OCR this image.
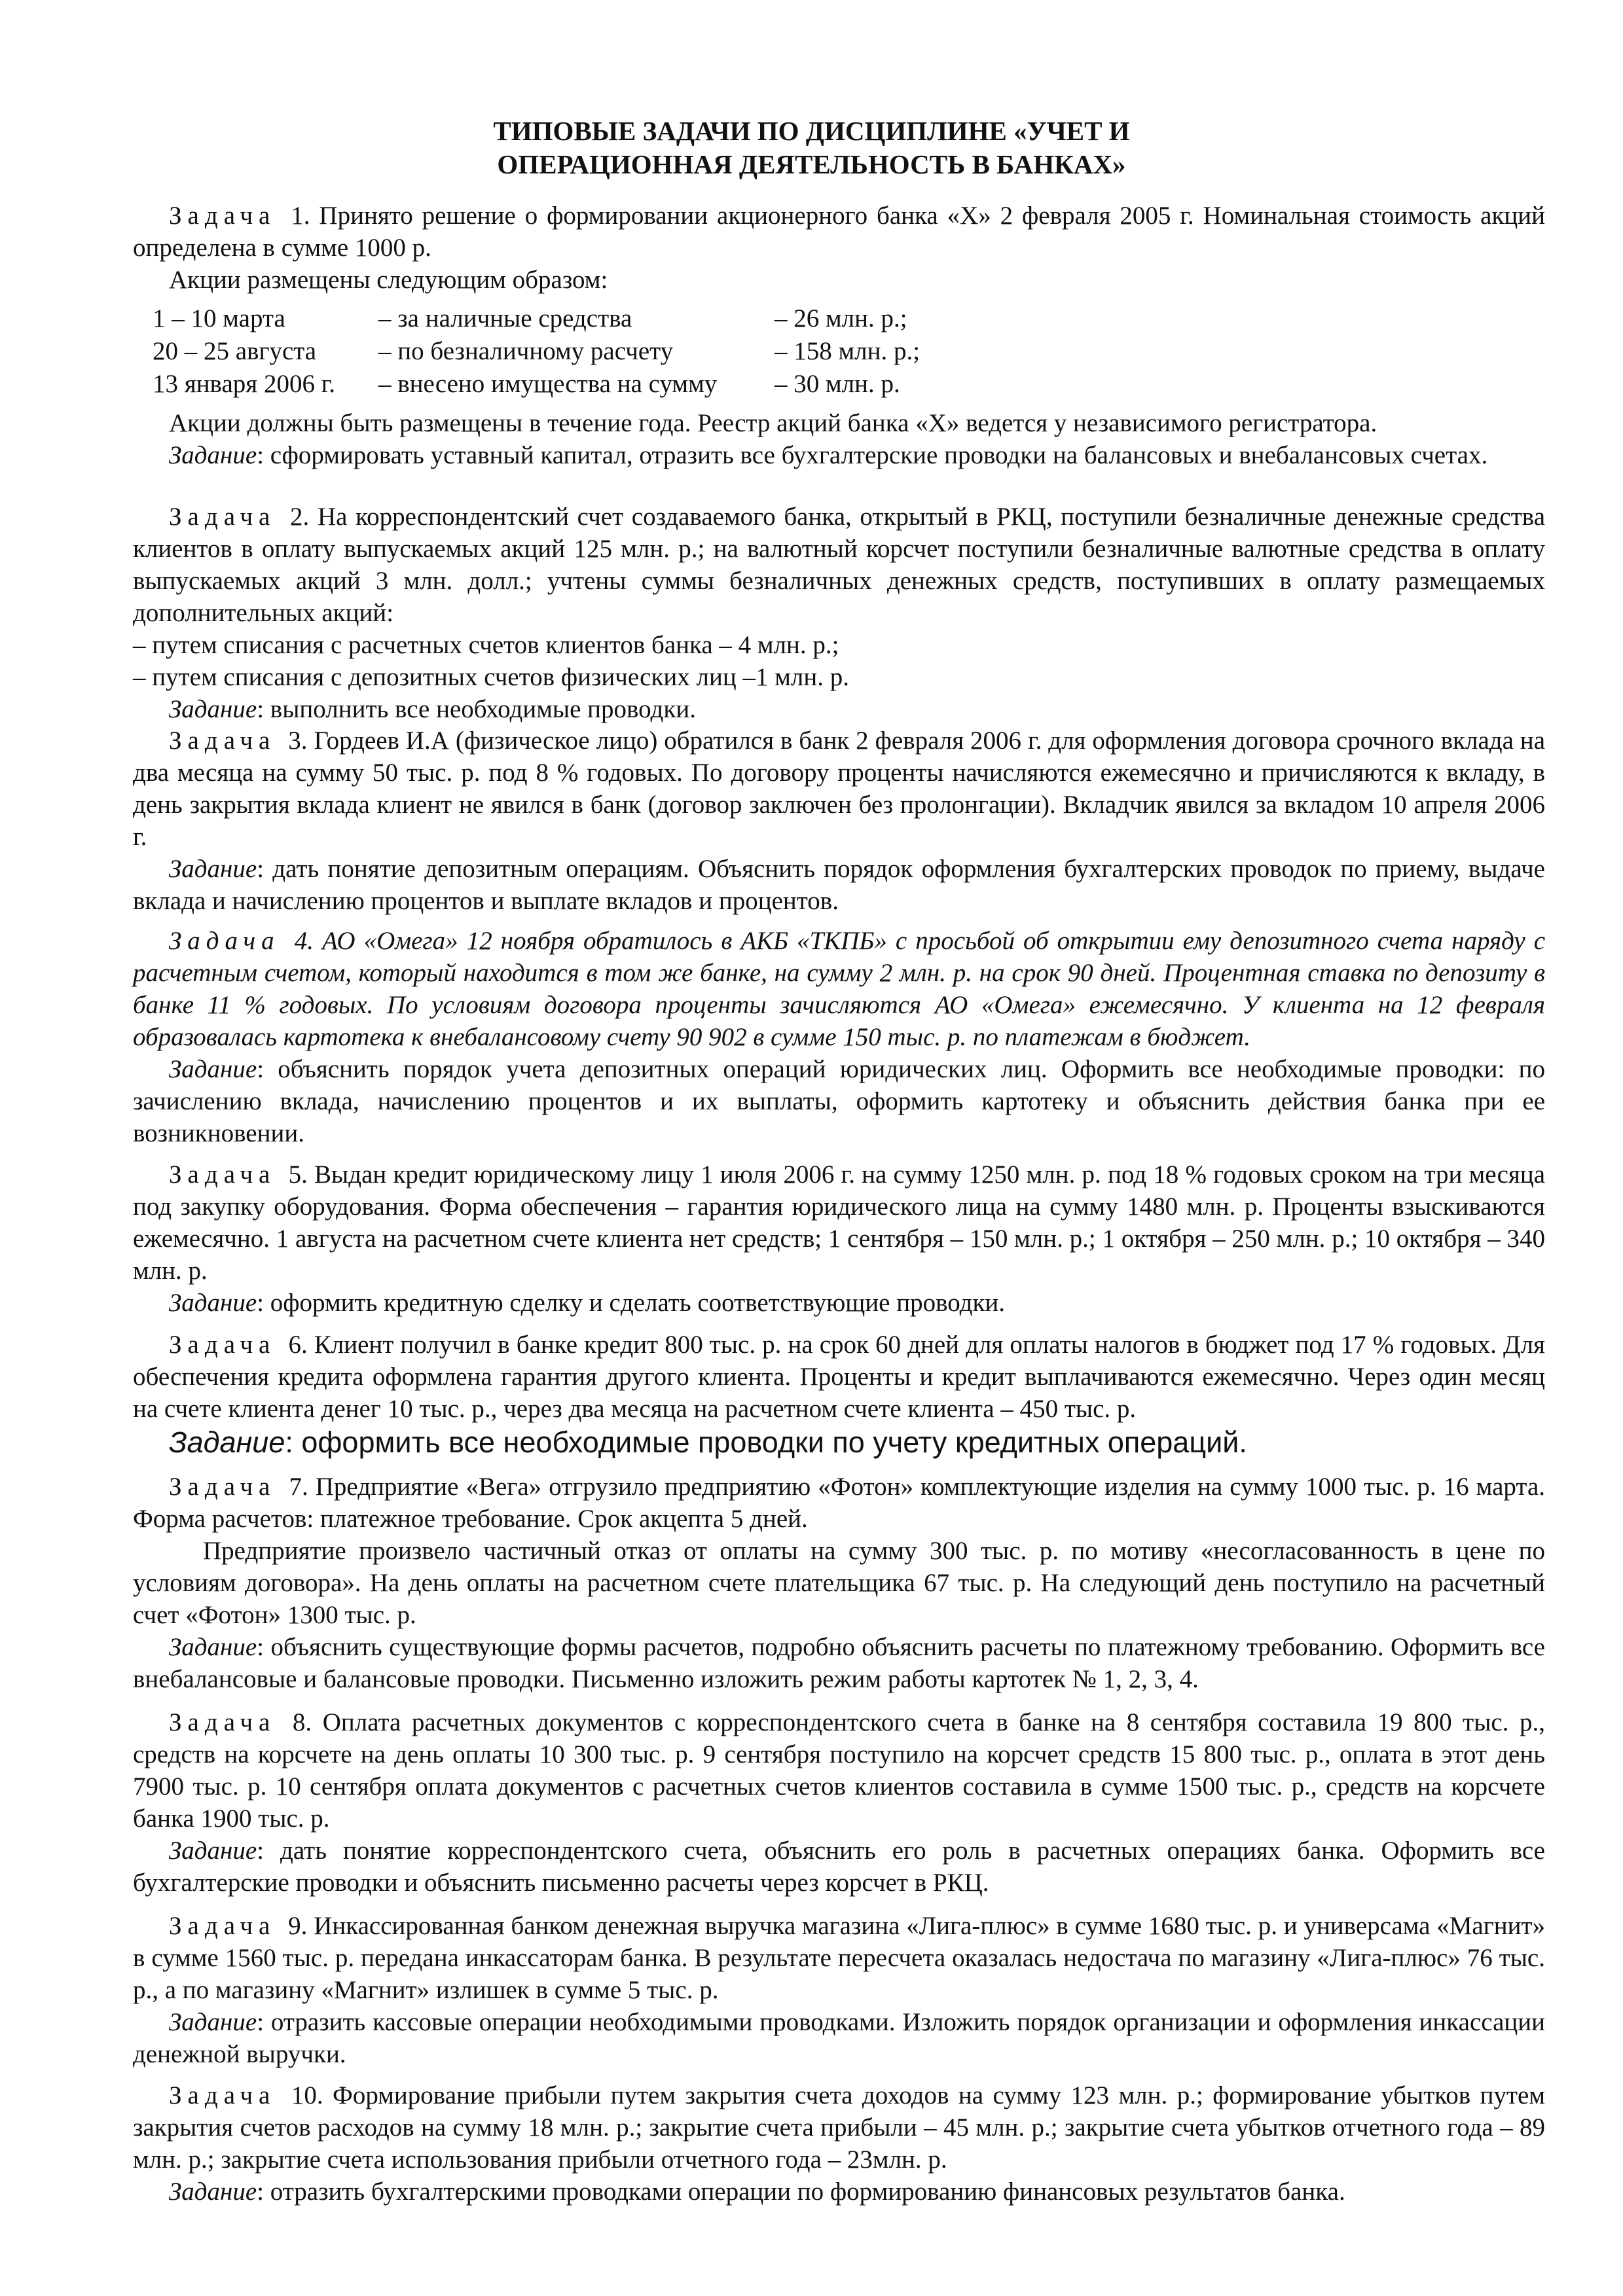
ТИПОВЫЕ ЗАДАЧИ ПО ДИСЦИПЛИНЕ «УЧЕТ И
ОПЕРАЦИОННАЯ ДЕЯТЕЛЬНОСТЬ В БАНКАХ»

Задача 1. Принято решение о формировании акционерного банка «Х» 2 февраля 2005 г. Номинальная стоимость акций определена в сумме 1000 р.

Акции размещены следующим образом:

1 – 10 марта	– за наличные средства	– 26 млн. р.;
20 – 25 августа	– по безналичному расчету	– 158 млн. р.;
13 января 2006 г.	– внесено имущества на сумму	– 30 млн. р.

Акции должны быть размещены в течение года. Реестр акций банка «Х» ведется у независимого регистратора.

Задание: сформировать уставный капитал, отразить все бухгалтерские проводки на балансовых и внебалансовых счетах.

Задача 2. На корреспондентский счет создаваемого банка, открытый в РКЦ, поступили безналичные денежные средства клиентов в оплату выпускаемых акций 125 млн. р.; на валютный корсчет поступили безналичные валютные средства в оплату выпускаемых акций 3 млн. долл.; учтены суммы безналичных денежных средств, поступивших в оплату размещаемых дополнительных акций:

– путем списания с расчетных счетов клиентов банка – 4 млн. р.;

– путем списания с депозитных счетов физических лиц –1 млн. р.

Задание: выполнить все необходимые проводки.

Задача 3. Гордеев И.А (физическое лицо) обратился в банк 2 февраля 2006 г. для оформления договора срочного вклада на два месяца на сумму 50 тыс. р. под 8 % годовых. По договору проценты начисляются ежемесячно и причисляются к вкладу, в день закрытия вклада клиент не явился в банк (договор заключен без пролонгации). Вкладчик явился за вкладом 10 апреля 2006 г.

Задание: дать понятие депозитным операциям. Объяснить порядок оформления бухгалтерских проводок по приему, выдаче вклада и начислению процентов и выплате вкладов и процентов.

Задача 4. АО «Омега» 12 ноября обратилось в АКБ «ТКПБ» с просьбой об открытии ему депозитного счета наряду с расчетным счетом, который находится в том же банке, на сумму 2 млн. р. на срок 90 дней. Процентная ставка по депозиту в банке 11 % годовых. По условиям договора проценты зачисляются АО «Омега» ежемесячно. У клиента на 12 февраля образовалась картотека к внебалансовому счету 90 902 в сумме 150 тыс. р. по платежам в бюджет.

Задание: объяснить порядок учета депозитных операций юридических лиц. Оформить все необходимые проводки: по зачислению вклада, начислению процентов и их выплаты, оформить картотеку и объяснить действия банка при ее возникновении.

Задача 5. Выдан кредит юридическому лицу 1 июля 2006 г. на сумму 1250 млн. р. под 18 % годовых сроком на три месяца под закупку оборудования. Форма обеспечения – гарантия юридического лица на сумму 1480 млн. р. Проценты взыскиваются ежемесячно. 1 августа на расчетном счете клиента нет средств; 1 сентября – 150 млн. р.; 1 октября – 250 млн. р.; 10 октября – 340 млн. р.

Задание: оформить кредитную сделку и сделать соответствующие проводки.

Задача 6. Клиент получил в банке кредит 800 тыс. р. на срок 60 дней для оплаты налогов в бюджет под 17 % годовых. Для обеспечения кредита оформлена гарантия другого клиента. Проценты и кредит выплачиваются ежемесячно. Через один месяц на счете клиента денег 10 тыс. р., через два месяца на расчетном счете клиента – 450 тыс. р.

Задание: оформить все необходимые проводки по учету кредитных операций.

Задача 7. Предприятие «Вега» отгрузило предприятию «Фотон» комплектующие изделия на сумму 1000 тыс. р. 16 марта. Форма расчетов: платежное требование. Срок акцепта 5 дней.

Предприятие произвело частичный отказ от оплаты на сумму 300 тыс. р. по мотиву «несогласованность в цене по условиям договора». На день оплаты на расчетном счете плательщика 67 тыс. р. На следующий день поступило на расчетный счет «Фотон» 1300 тыс. р.

Задание: объяснить существующие формы расчетов, подробно объяснить расчеты по платежному требованию. Оформить все внебалансовые и балансовые проводки. Письменно изложить режим работы картотек № 1, 2, 3, 4.

Задача 8. Оплата расчетных документов с корреспондентского счета в банке на 8 сентября составила 19 800 тыс. р., средств на корсчете на день оплаты 10 300 тыс. р. 9 сентября поступило на корсчет средств 15 800 тыс. р., оплата в этот день 7900 тыс. р. 10 сентября оплата документов с расчетных счетов клиентов составила в сумме 1500 тыс. р., средств на корсчете банка 1900 тыс. р.

Задание: дать понятие корреспондентского счета, объяснить его роль в расчетных операциях банка. Оформить все бухгалтерские проводки и объяснить письменно расчеты через корсчет в РКЦ.

Задача 9. Инкассированная банком денежная выручка магазина «Лига-плюс» в сумме 1680 тыс. р. и универсама «Магнит» в сумме 1560 тыс. р. передана инкассаторам банка. В результате пересчета оказалась недостача по магазину «Лига-плюс» 76 тыс. р., а по магазину «Магнит» излишек в сумме 5 тыс. р.

Задание: отразить кассовые операции необходимыми проводками. Изложить порядок организации и оформления инкассации денежной выручки.

Задача 10. Формирование прибыли путем закрытия счета доходов на сумму 123 млн. р.; формирование убытков путем закрытия счетов расходов на сумму 18 млн. р.; закрытие счета прибыли – 45 млн. р.; закрытие счета убытков отчетного года – 89 млн. р.; закрытие счета использования прибыли отчетного года – 23млн. р.

Задание: отразить бухгалтерскими проводками операции по формированию финансовых результатов банка.
